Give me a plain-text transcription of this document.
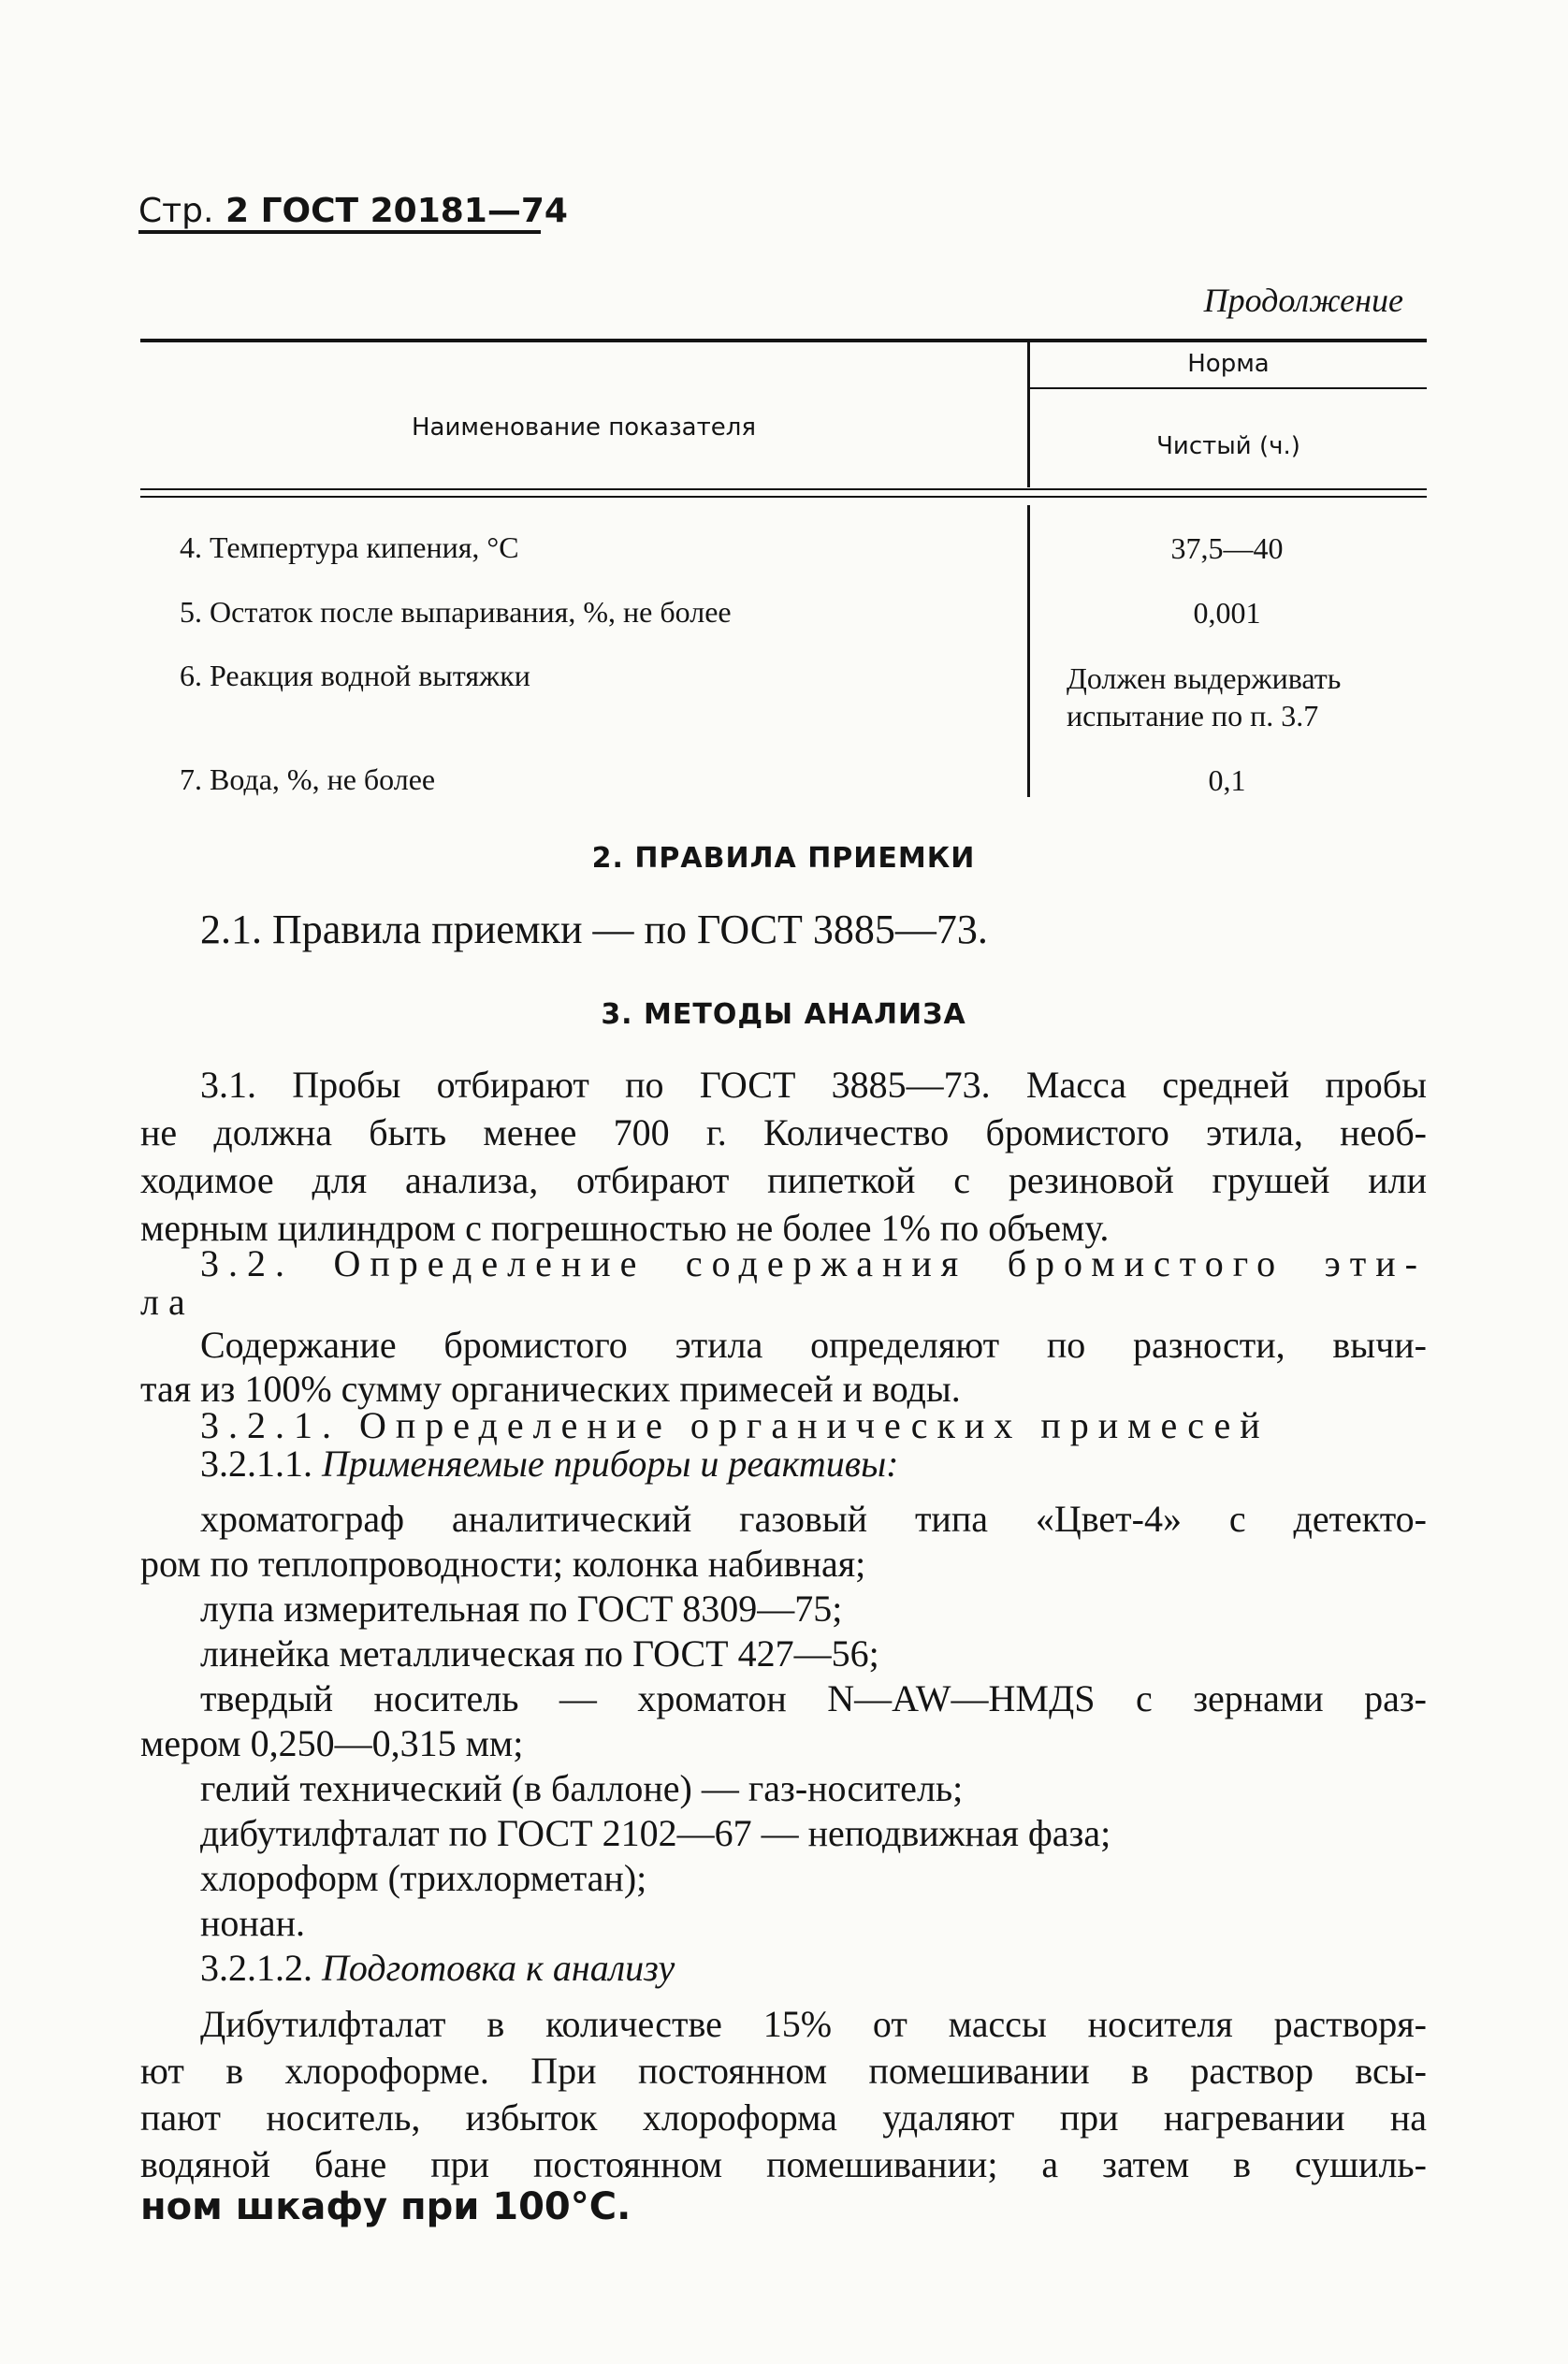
Стр. 2 ГОСТ 20181—74
Продолжение
Наименование показателя
Норма
Чистый (ч.)
4. Темпертура кипения, °С	37,5—40
5. Остаток после выпаривания, %, не более	0,001
6. Реакция водной вытяжки	Должен выдерживать
испытание по п. 3.7
7. Вода, %, не более	0,1
2. ПРАВИЛА ПРИЕМКИ
2.1. Правила приемки — по ГОСТ 3885—73.
3. МЕТОДЫ АНАЛИЗА
3.1. Пробы отбирают по ГОСТ 3885—73. Масса средней пробы
не должна быть менее 700 г. Количество бромистого этила, необ-
ходимое для анализа, отбирают пипеткой с резиновой грушей или
мерным цилиндром с погрешностью не более 1% по объему.
3.2. Определение содержания бромистого эти-
ла
Содержание бромистого этила определяют по разности, вычи-
тая из 100% сумму органических примесей и воды.
3.2.1. Определение органических примесей
3.2.1.1. Применяемые приборы и реактивы:
хроматограф аналитический газовый типа «Цвет-4» с детекто-
ром по теплопроводности; колонка набивная;
лупа измерительная по ГОСТ 8309—75;
линейка металлическая по ГОСТ 427—56;
твердый носитель — хроматон N—AW—HMДS с зернами раз-
мером 0,250—0,315 мм;
гелий технический (в баллоне) — газ-носитель;
дибутилфталат по ГОСТ 2102—67 — неподвижная фаза;
хлороформ (трихлорметан);
нонан.
3.2.1.2. Подготовка к анализу
Дибутилфталат в количестве 15% от массы носителя растворя-
ют в хлороформе. При постоянном помешивании в раствор всы-
пают носитель, избыток хлороформа удаляют при нагревании на
водяной бане при постоянном помешивании; а затем в сушиль-
ном шкафу при 100°С.
